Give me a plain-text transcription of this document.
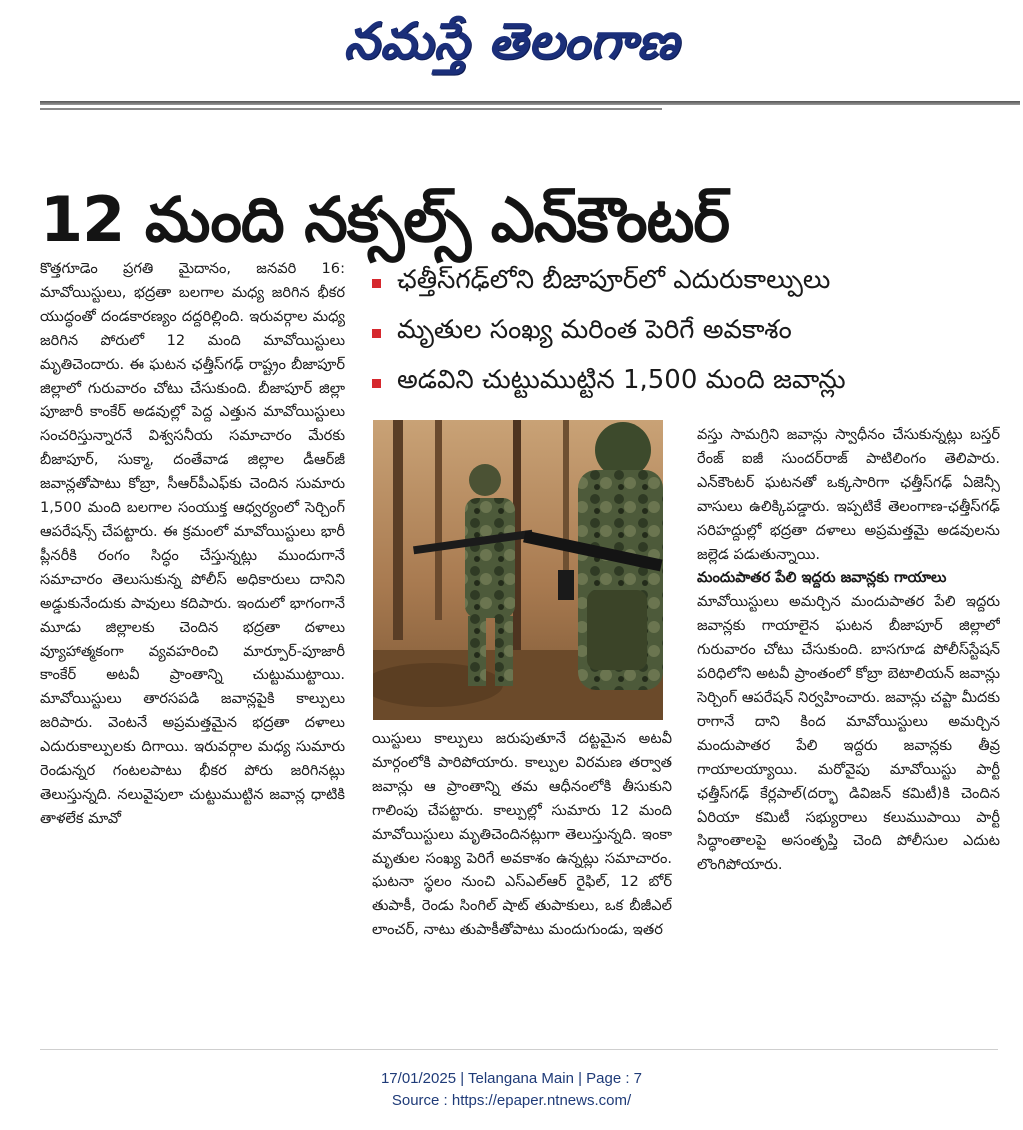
నమస్తే తెలంగాణ
12 మంది నక్సల్స్ ఎన్‌కౌంటర్
ఛత్తీస్‌గఢ్‌లోని బీజాపూర్‌లో ఎదురుకాల్పులు
మృతుల సంఖ్య మరింత పెరిగే అవకాశం
అడవిని చుట్టుముట్టిన 1,500 మంది జవాన్లు

కొత్తగూడెం ప్రగతి మైదానం, జనవరి 16: మావోయిస్టులు, భద్రతా బలగాల మధ్య జరిగిన భీకర యుద్ధంతో దండకారణ్యం దద్దరిల్లింది. ఇరువర్గాల మధ్య జరిగిన పోరులో 12 మంది మావోయిస్టులు మృతిచెందారు. ఈ ఘటన ఛత్తీస్‌గఢ్ రాష్ట్రం బీజాపూర్ జిల్లాలో గురువారం చోటు చేసుకుంది. బీజాపూర్ జిల్లా పూజారీ కాంకేర్ అడవుల్లో పెద్ద ఎత్తున మావోయిస్టులు సంచరిస్తున్నారనే విశ్వసనీయ సమాచారం మేరకు బీజాపూర్, సుక్మా, దంతేవాడ జిల్లాల డీఆర్‌జీ జవాన్లతోపాటు కోబ్రా, సీఆర్‌పీఎఫ్‌కు చెందిన సుమారు 1,500 మంది బలగాల సంయుక్త ఆధ్వర్యంలో సెర్చింగ్ ఆపరేషన్స్ చేపట్టారు. ఈ క్రమంలో మావోయిస్టులు భారీ ప్లీనరీకి రంగం సిద్ధం చేస్తున్నట్లు ముందుగానే సమాచారం తెలుసుకున్న పోలీస్ అధికారులు దానిని అడ్డుకునేందుకు పావులు కదిపారు. ఇందులో భాగంగానే మూడు జిల్లాలకు చెందిన భద్రతా దళాలు వ్యూహాత్మకంగా వ్యవహరించి మార్పూర్-పూజారీ కాంకేర్ అటవీ ప్రాంతాన్ని చుట్టుముట్టాయి. మావోయిస్టులు తారసపడి జవాన్లపైకి కాల్పులు జరిపారు. వెంటనే అప్రమత్తమైన భద్రతా దళాలు ఎదురుకాల్పులకు దిగాయి. ఇరువర్గాల మధ్య సుమారు రెండున్నర గంటలపాటు భీకర పోరు జరిగినట్లు తెలుస్తున్నది. నలువైపులా చుట్టుముట్టిన జవాన్ల ధాటికి తాళలేక మావో

యిస్టులు కాల్పులు జరుపుతూనే దట్టమైన అటవీ మార్గంలోకి పారిపోయారు. కాల్పుల విరమణ తర్వాత జవాన్లు ఆ ప్రాంతాన్ని తమ ఆధీనంలోకి తీసుకుని గాలింపు చేపట్టారు. కాల్పుల్లో సుమారు 12 మంది మావోయిస్టులు మృతిచెందినట్లుగా తెలుస్తున్నది. ఇంకా మృతుల సంఖ్య పెరిగే అవకాశం ఉన్నట్లు సమాచారం. ఘటనా స్థలం నుంచి ఎస్‌ఎల్‌ఆర్ రైఫిల్, 12 బోర్ తుపాకీ, రెండు సింగిల్ షాట్ తుపాకులు, ఒక బీజీఎల్ లాంచర్, నాటు తుపాకీతోపాటు మందుగుండు, ఇతర

వస్తు సామగ్రిని జవాన్లు స్వాధీనం చేసుకున్నట్లు బస్తర్ రేంజ్ ఐజీ సుందర్‌రాజ్ పాటిలింగం తెలిపారు. ఎన్‌కౌంటర్ ఘటనతో ఒక్కసారిగా ఛత్తీస్‌గఢ్ ఏజెన్సీ వాసులు ఉలిక్కిపడ్డారు. ఇప్పటికే తెలంగాణ-ఛత్తీస్‌గఢ్ సరిహద్దుల్లో భద్రతా దళాలు అప్రమత్తమై అడవులను జల్లెడ పడుతున్నాయి.

మందుపాతర పేలి ఇద్దరు జవాన్లకు గాయాలు

మావోయిస్టులు అమర్చిన మందుపాతర పేలి ఇద్దరు జవాన్లకు గాయాలైన ఘటన బీజాపూర్ జిల్లాలో గురువారం చోటు చేసుకుంది. బాసగూడ పోలీస్‌స్టేషన్ పరిధిలోని అటవీ ప్రాంతంలో కోబ్రా బెటాలియన్ జవాన్లు సెర్చింగ్ ఆపరేషన్ నిర్వహించారు. జవాన్లు చప్టా మీదకు రాగానే దాని కింద మావోయిస్టులు అమర్చిన మందుపాతర పేలి ఇద్దరు జవాన్లకు తీవ్ర గాయాలయ్యాయి. మరోవైపు మావోయిస్టు పార్టీ ఛత్తీస్‌గఢ్ కేర్లపాల్(దర్భా డివిజన్ కమిటీ)కి చెందిన ఏరియా కమిటీ సభ్యురాలు కలుముపాయి పార్టీ సిద్ధాంతాలపై అసంతృప్తి చెంది పోలీసుల ఎదుట లొంగిపోయారు.

17/01/2025 | Telangana Main | Page : 7
Source : https://epaper.ntnews.com/
